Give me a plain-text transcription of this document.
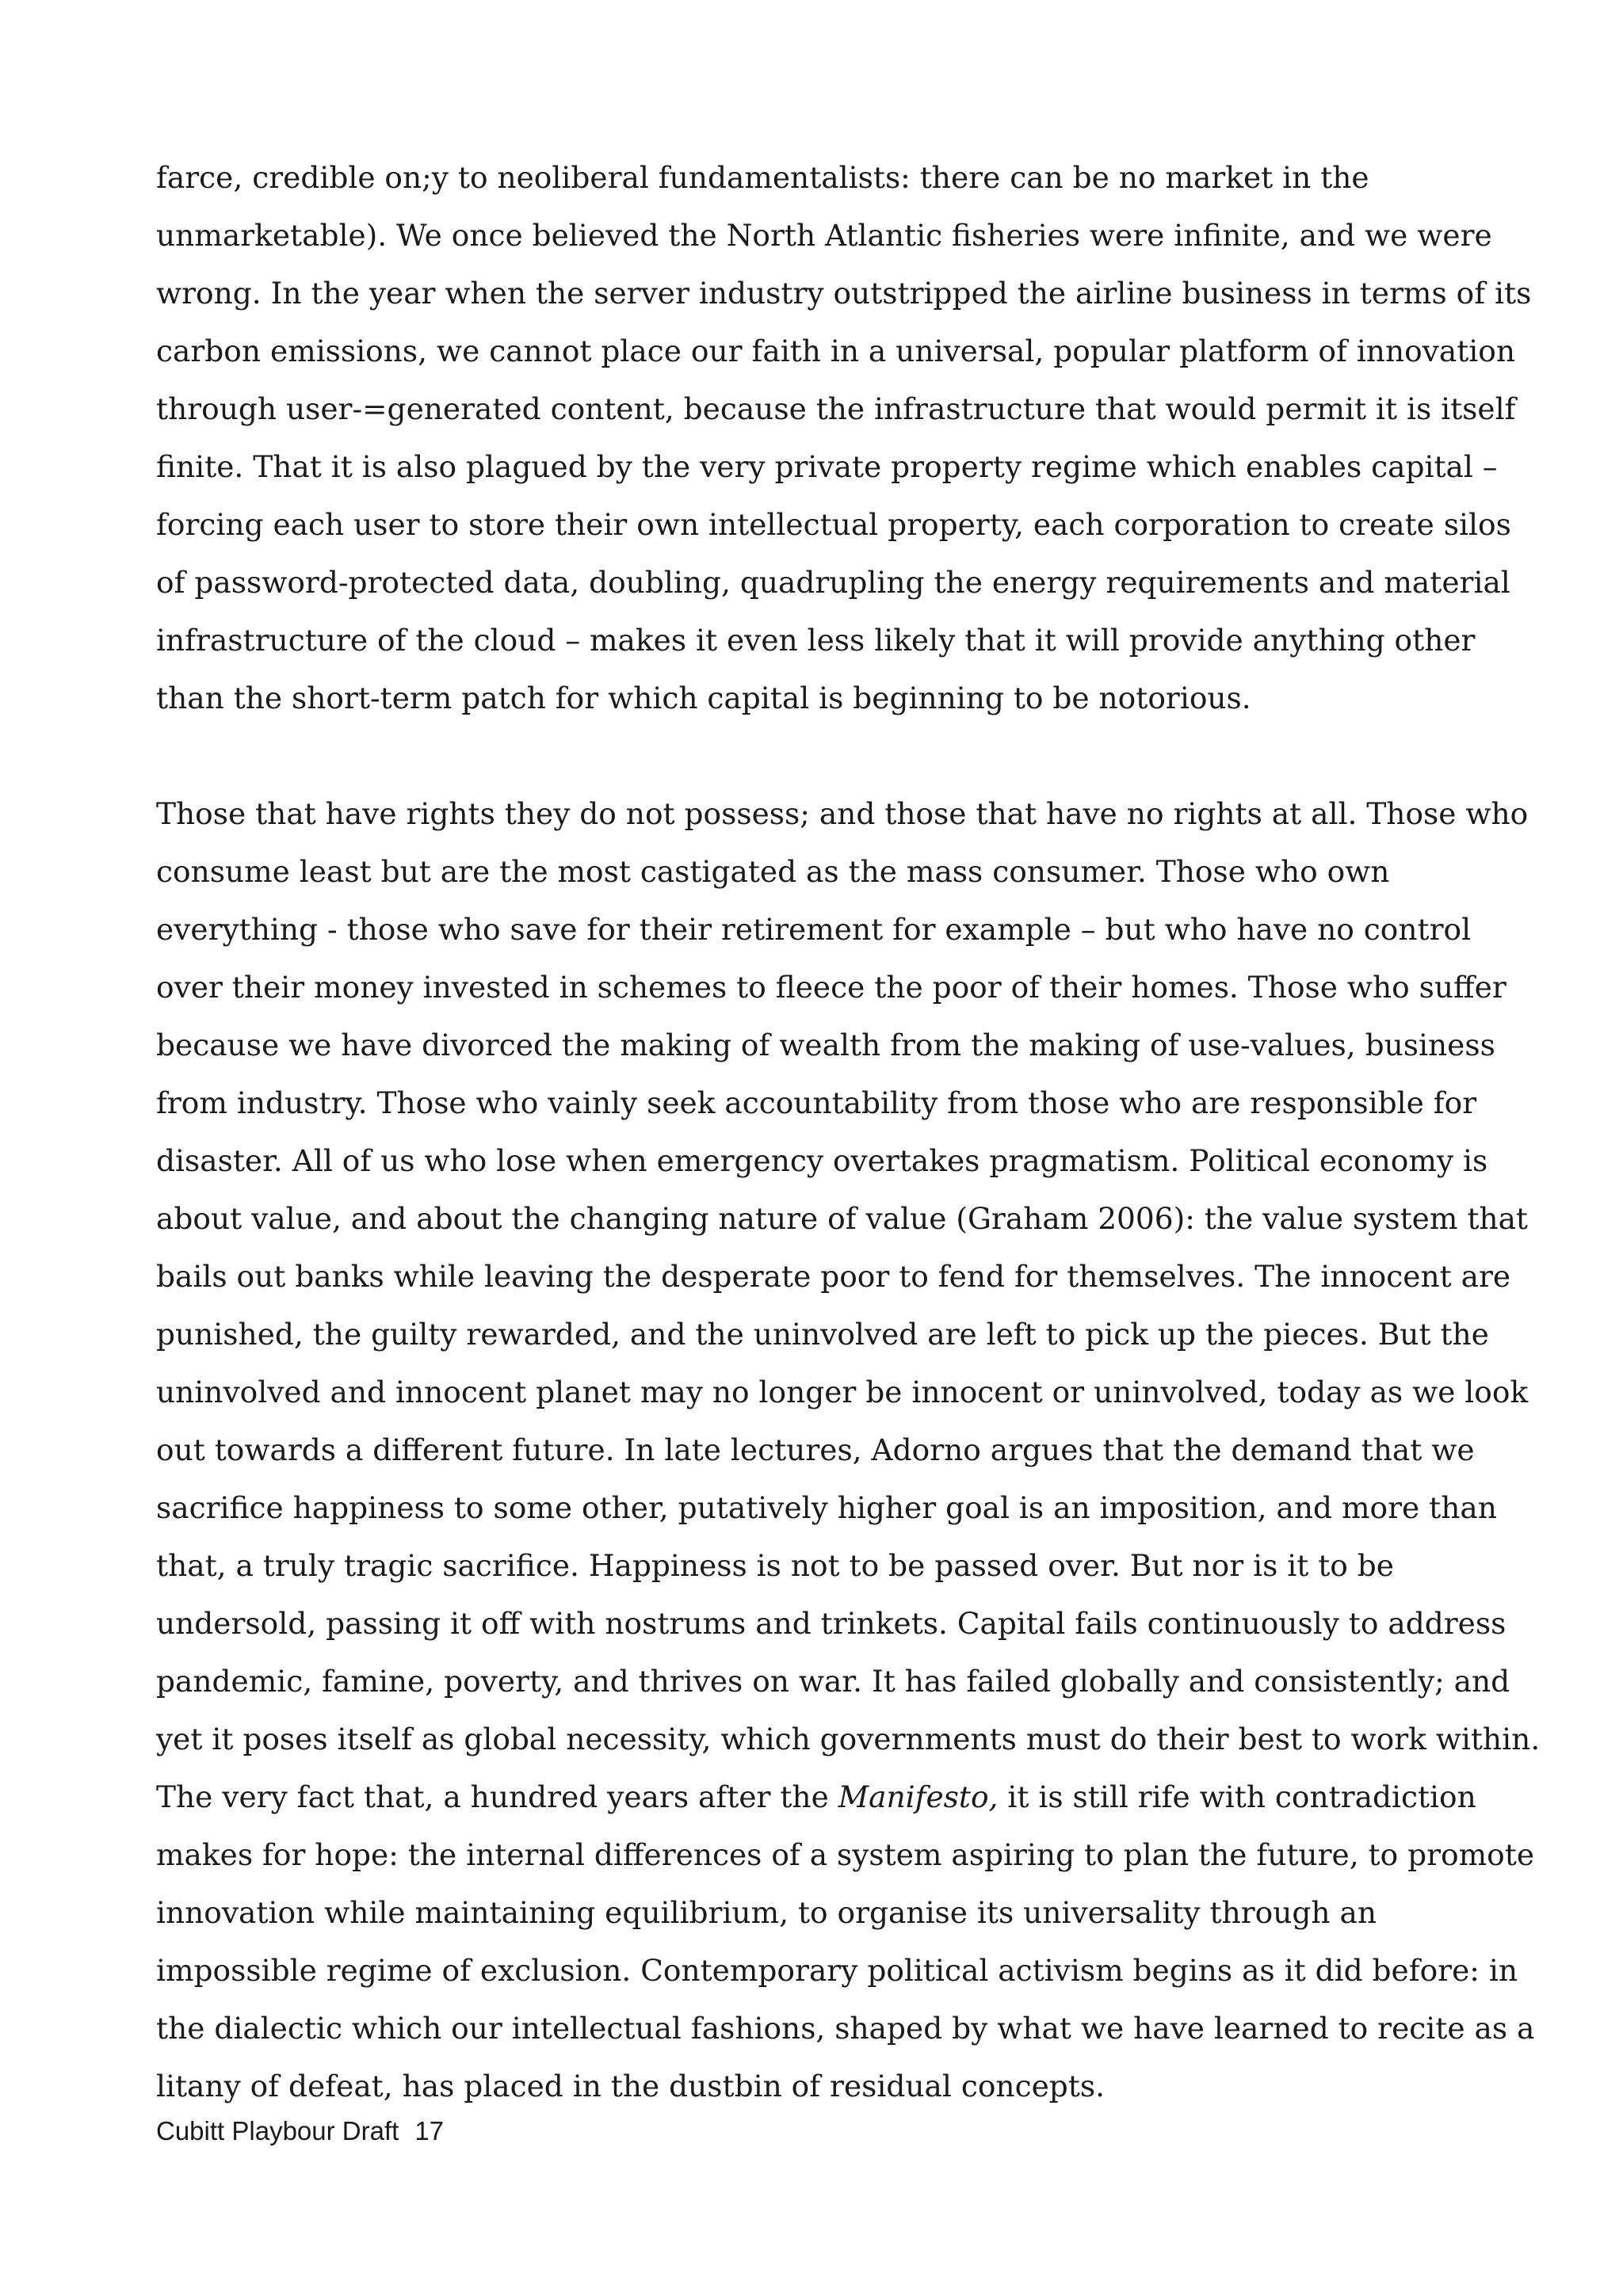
farce, credible on;y to neoliberal fundamentalists: there can be no market in the
unmarketable). We once believed the North Atlantic fisheries were infinite, and we were
wrong. In the year when the server industry outstripped the airline business in terms of its
carbon emissions, we cannot place our faith in a universal, popular platform of innovation
through user-=generated content, because the infrastructure that would permit it is itself
finite. That it is also plagued by the very private property regime which enables capital –
forcing each user to store their own intellectual property, each corporation to create silos
of password-protected data, doubling, quadrupling the energy requirements and material
infrastructure of the cloud – makes it even less likely that it will provide anything other
than the short-term patch for which capital is beginning to be notorious.
Those that have rights they do not possess; and those that have no rights at all. Those who
consume least but are the most castigated as the mass consumer. Those who own
everything - those who save for their retirement for example – but who have no control
over their money invested in schemes to fleece the poor of their homes. Those who suffer
because we have divorced the making of wealth from the making of use-values, business
from industry. Those who vainly seek accountability from those who are responsible for
disaster. All of us who lose when emergency overtakes pragmatism. Political economy is
about value, and about the changing nature of value (Graham 2006): the value system that
bails out banks while leaving the desperate poor to fend for themselves. The innocent are
punished, the guilty rewarded, and the uninvolved are left to pick up the pieces. But the
uninvolved and innocent planet may no longer be innocent or uninvolved, today as we look
out towards a different future. In late lectures, Adorno argues that the demand that we
sacrifice happiness to some other, putatively higher goal is an imposition, and more than
that, a truly tragic sacrifice. Happiness is not to be passed over. But nor is it to be
undersold, passing it off with nostrums and trinkets. Capital fails continuously to address
pandemic, famine, poverty, and thrives on war. It has failed globally and consistently; and
yet it poses itself as global necessity, which governments must do their best to work within.
The very fact that, a hundred years after the Manifesto, it is still rife with contradiction
makes for hope: the internal differences of a system aspiring to plan the future, to promote
innovation while maintaining equilibrium, to organise its universality through an
impossible regime of exclusion. Contemporary political activism begins as it did before: in
the dialectic which our intellectual fashions, shaped by what we have learned to recite as a
litany of defeat, has placed in the dustbin of residual concepts.
Cubitt Playbour Draft 17
